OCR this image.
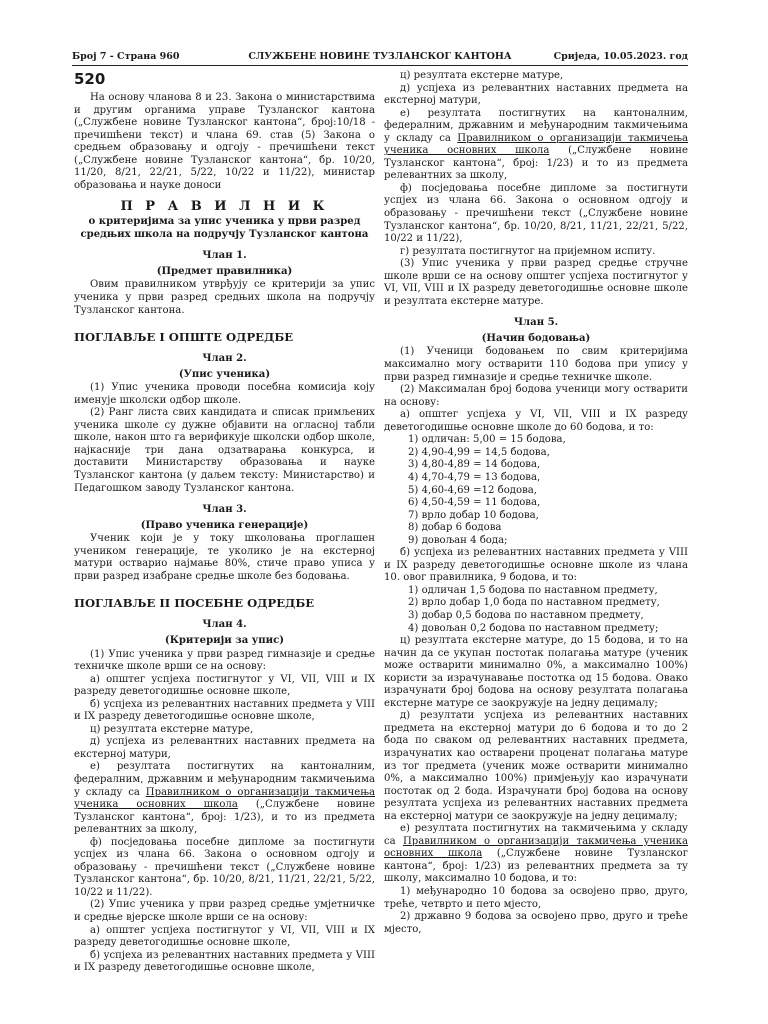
Број 7 - Страна 960	СЛУЖБЕНЕ НОВИНЕ ТУЗЛАНСКОГ КАНТОНА	Сриједа, 10.05.2023. год

520

На основу чланова 8 и 23. Закона о министарствима и другим органима управе Тузланског кантона („Службене новине Тузланског кантона“, број:10/18 - пречишћени текст) и члана 69. став (5) Закона о средњем образовању и одгоју - пречишћени текст („Службене новине Тузланског кантона“, бр. 10/20, 11/20, 8/21, 22/21, 5/22, 10/22 и 11/22), министар образовања и науке доноси

П Р А В И Л Н И К

о критеријима за упис ученика у први разред средњих школа на подручју Тузланског кантона

Члан 1.

(Предмет правилника)

Овим правилником утврђују се критерији за упис ученика у први разред средњих школа на подручју Тузланског кантона.

ПОГЛАВЉЕ I ОПШТЕ ОДРЕДБЕ

Члан 2.

(Упис ученика)

(1) Упис ученика проводи посебна комисија коју именује школски одбор школе.

(2) Ранг листа свих кандидата и списак примљених ученика школе су дужне објавити на огласној табли школе, након што га верификује школски одбор школе, најкасније три дана одзатварања конкурса, и доставити Министарству образовања и науке Тузланског кантона (у даљем тексту: Министарство) и Педагошком заводу Тузланског кантона.

Члан 3.

(Право ученика генерације)

Ученик који је у току школовања проглашен учеником генерације, те уколико је на екстерној матури остварио најмање 80%, стиче право уписа у први разред изабране средње школе без бодовања.

ПОГЛАВЉЕ II ПОСЕБНЕ ОДРЕДБЕ

Члан 4.

(Критерији за упис)

(1) Упис ученика у први разред гимназије и средње техничке школе врши се на основу:

а) општег успјеха постигнутог у VI, VII, VIII и IX разреду деветогодишње основне школе,

б) успјеха из релевантних наставних предмета у VIII и IX разреду деветогодишње основне школе,

ц) резултата екстерне матуре,

д) успјеха из релевантних наставних предмета на екстерној матури,

е) резултата постигнутих на кантоналним, федералним, државним и међународним такмичењима у складу са Правилником о организацији такмичења ученика основних школа („Службене новине Тузланског кантона“, број: 1/23), и то из предмета релевантних за школу,

ф) посједовања посебне дипломе за постигнути успјех из члана 66. Закона о основном одгоју и образовању - пречишћени текст („Службене новине Тузланског кантона“, бр. 10/20, 8/21, 11/21, 22/21, 5/22, 10/22 и 11/22).

(2) Упис ученика у први разред средње умјетничке и средње вјерске школе врши се на основу:

а) општег успјеха постигнутог у VI, VII, VIII и IX разреду деветогодишње основне школе,

б) успјеха из релевантних наставних предмета у VIII и IX разреду деветогодишње основне школе,

ц) резултата екстерне матуре,

д) успјеха из релевантних наставних предмета на екстерној матури,

е) резултата постигнутих на кантоналним, федералним, државним и међународним такмичењима у складу са Правилником о организацији такмичења ученика основних школа („Службене новине Тузланског кантона“, број: 1/23) и то из предмета релевантних за школу,

ф) посједовања посебне дипломе за постигнути успјех из члана 66. Закона о основном одгоју и образовању - пречишћени текст („Службене новине Тузланског кантона“, бр. 10/20, 8/21, 11/21, 22/21, 5/22, 10/22 и 11/22),

г) резултата постигнутог на пријемном испиту.

(3) Упис ученика у први разред средње стручне школе врши се на основу општег успјеха постигнутог у VI, VII, VIII и IX разреду деветогодишње основне школе и резултата екстерне матуре.

Члан 5.

(Начин бодовања)

(1) Ученици бодовањем по свим критеријима максимално могу остварити 110 бодова при упису у први разред гимназије и средње техничке школе.

(2) Максималан број бодова ученици могу остварити на основу:

а) општег успјеха у VI, VII, VIII и IX разреду деветогодишње основне школе до 60 бодова, и то:

1) одличан: 5,00 = 15 бодова,

2) 4,90-4,99 = 14,5 бодова,

3) 4,80-4,89 = 14 бодова,

4) 4,70-4,79 = 13 бодова,

5) 4,60-4,69 =12 бодова,

6) 4,50-4,59 = 11 бодова,

7) врло добар 10 бодова,

8) добар 6 бодова

9) довољан 4 бода;

б) успјеха из релевантних наставних предмета у VIII и IX разреду деветогодишње основне школе из члана 10. овог правилника, 9 бодова, и то:

1) одличан 1,5 бодова по наставном предмету,

2) врло добар 1,0 бода по наставном предмету,

3) добар 0,5 бодова по наставном предмету,

4) довољан 0,2 бодова по наставном предмету;

ц) резултата екстерне матуре, до 15 бодова, и то на начин да се укупан постотак полагања матуре (ученик може остварити минимално 0%, а максимално 100%) користи за израчунавање постотка од 15 бодова. Овако израчунати број бодова на основу резултата полагања екстерне матуре се заокружује на једну децималу;

д) резултати успјеха из релевантних наставних предмета на екстерној матури до 6 бодова и то до 2 бода по сваком од релевантних наставних предмета, израчунатих као остварени проценат полагања матуре из тог предмета (ученик може остварити минимално 0%, а максимално 100%) примјењују као израчунати постотак од 2 бода. Израчунати број бодова на основу резултата успјеха из релевантних наставних предмета на екстерној матури се заокружује на једну децималу;

е) резултата постигнутих на такмичењима у складу са Правилником о организацији такмичења ученика основних школа („Службене новине Тузланског кантона“, број: 1/23) из релевантних предмета за ту школу, максимално 10 бодова, и то:

1) међународно 10 бодова за освојено прво, друго, треће, четврто и пето мјесто,

2) државно 9 бодова за освојено прво, друго и треће мјесто,
